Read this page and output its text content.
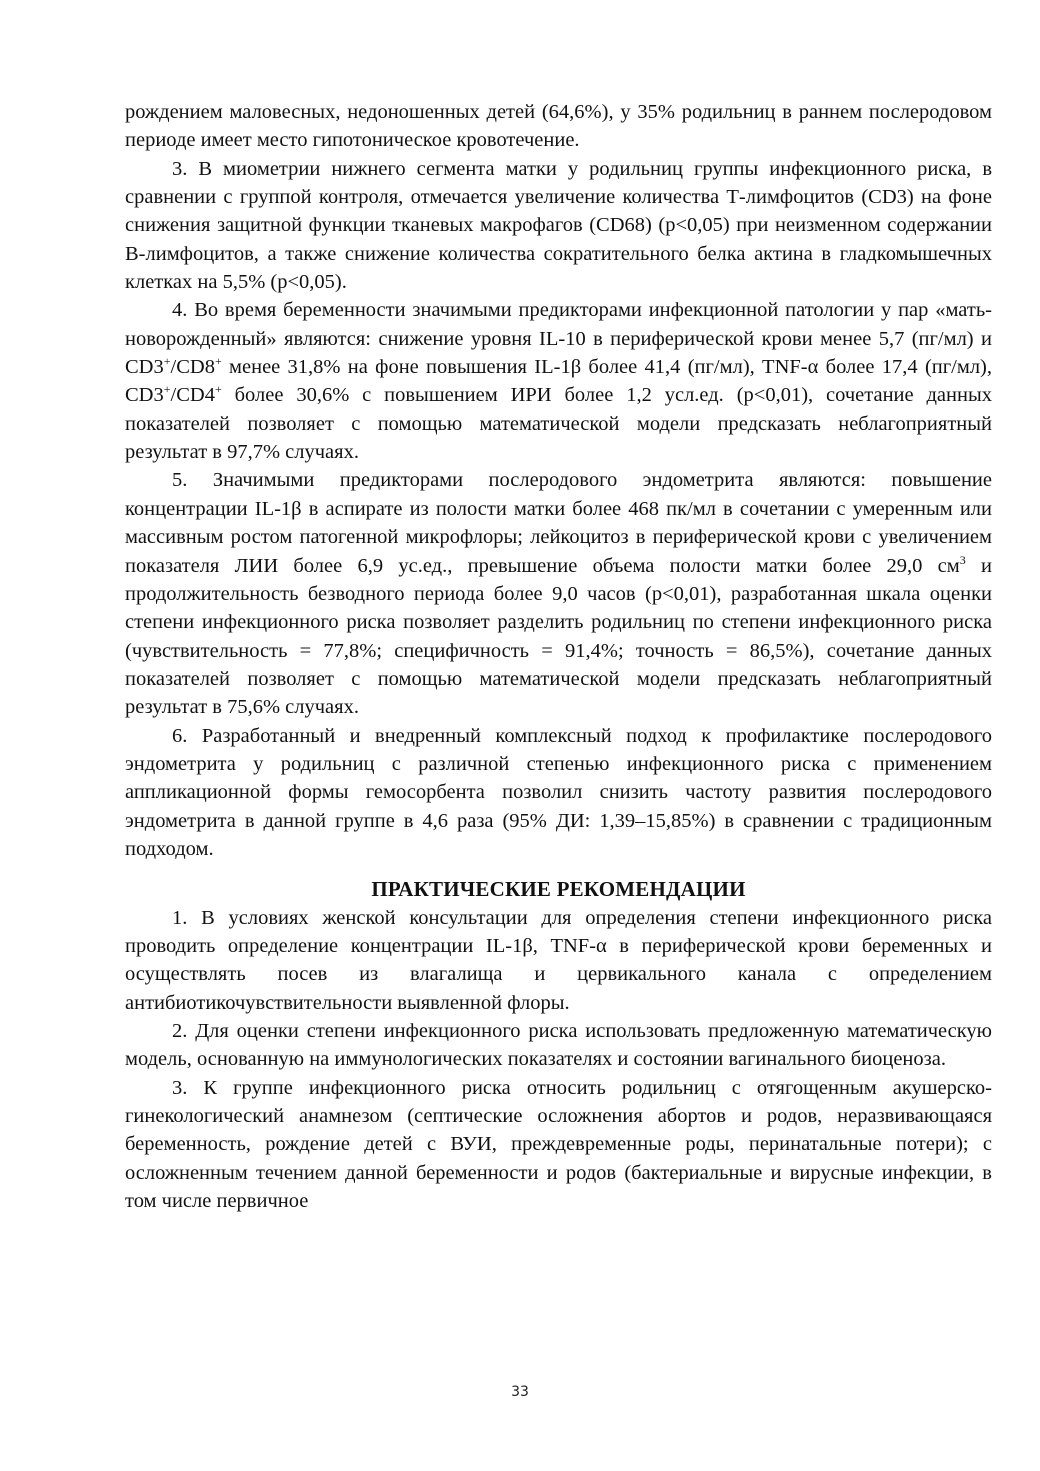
рождением маловесных, недоношенных детей (64,6%), у 35% родильниц в раннем послеродовом периоде имеет место гипотоническое кровотечение.

3. В миометрии нижнего сегмента матки у родильниц группы инфекционного риска, в сравнении с группой контроля, отмечается увеличение количества Т-лимфоцитов (CD3) на фоне снижения защитной функции тканевых макрофагов (CD68) (p<0,05) при неизменном содержании В-лимфоцитов, а также снижение количества сократительного белка актина в гладкомышечных клетках на 5,5% (p<0,05).

4. Во время беременности значимыми предикторами инфекционной патологии у пар «мать-новорожденный» являются: снижение уровня IL-10 в периферической крови менее 5,7 (пг/мл) и CD3+/CD8+ менее 31,8% на фоне повышения IL-1β более 41,4 (пг/мл), TNF-α более 17,4 (пг/мл), CD3+/CD4+ более 30,6% с повышением ИРИ более 1,2 усл.ед. (p<0,01), сочетание данных показателей позволяет с помощью математической модели предсказать неблагоприятный результат в 97,7% случаях.

5. Значимыми предикторами послеродового эндометрита являются: повышение концентрации IL-1β в аспирате из полости матки более 468 пк/мл в сочетании с умеренным или массивным ростом патогенной микрофлоры; лейкоцитоз в периферической крови с увеличением показателя ЛИИ более 6,9 ус.ед., превышение объема полости матки более 29,0 $см^3$ и продолжительность безводного периода более 9,0 часов (p<0,01), разработанная шкала оценки степени инфекционного риска позволяет разделить родильниц по степени инфекционного риска (чувствительность = 77,8%; специфичность = 91,4%; точность = 86,5%), сочетание данных показателей позволяет с помощью математической модели предсказать неблагоприятный результат в 75,6% случаях.

6. Разработанный и внедренный комплексный подход к профилактике послеродового эндометрита у родильниц с различной степенью инфекционного риска с применением аппликационной формы гемосорбента позволил снизить частоту развития послеродового эндометрита в данной группе в 4,6 раза (95% ДИ: 1,39–15,85%) в сравнении с традиционным подходом.

ПРАКТИЧЕСКИЕ РЕКОМЕНДАЦИИ

1. В условиях женской консультации для определения степени инфекционного риска проводить определение концентрации IL-1β, TNF-α в периферической крови беременных и осуществлять посев из влагалища и цервикального канала с определением антибиотикочувствительности выявленной флоры.

2. Для оценки степени инфекционного риска использовать предложенную математическую модель, основанную на иммунологических показателях и состоянии вагинального биоценоза.

3. К группе инфекционного риска относить родильниц с отягощенным акушерско-гинекологический анамнезом (септические осложнения абортов и родов, неразвивающаяся беременность, рождение детей с ВУИ, преждевременные роды, перинатальные потери); с осложненным течением данной беременности и родов (бактериальные и вирусные инфекции, в том числе первичное

33
